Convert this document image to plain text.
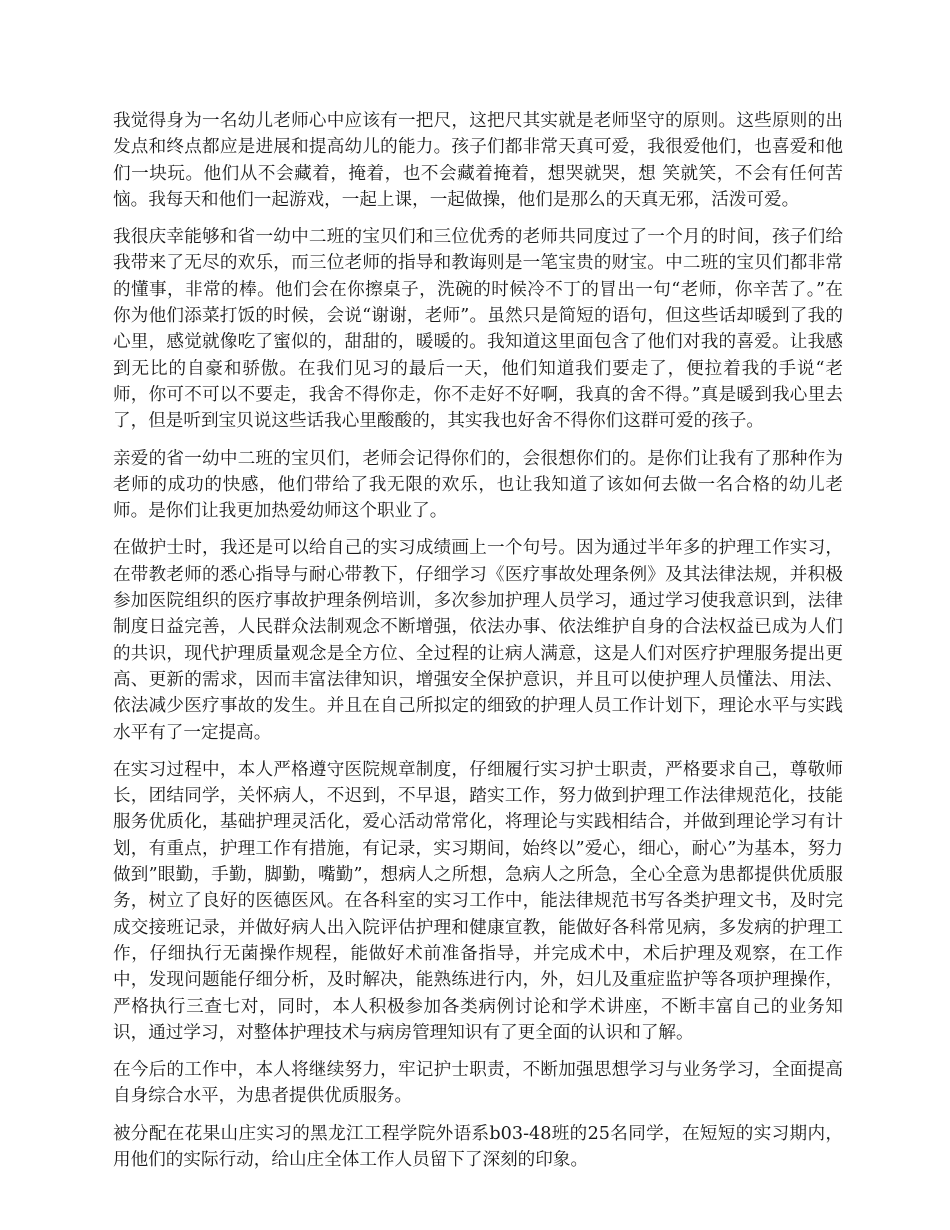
我觉得身为一名幼儿老师心中应该有一把尺，这把尺其实就是老师坚守的原则。这些原则的出发点和终点都应是进展和提高幼儿的能力。孩子们都非常天真可爱，我很爱他们，也喜爱和他们一块玩。他们从不会藏着，掩着，也不会藏着掩着，想哭就哭，想 笑就笑，不会有任何苦恼。我每天和他们一起游戏，一起上课，一起做操，他们是那么的天真无邪，活泼可爱。

我很庆幸能够和省一幼中二班的宝贝们和三位优秀的老师共同度过了一个月的时间，孩子们给我带来了无尽的欢乐，而三位老师的指导和教诲则是一笔宝贵的财宝。中二班的宝贝们都非常的懂事，非常的棒。他们会在你擦桌子，洗碗的时候冷不丁的冒出一句“老师，你辛苦了。”在你为他们添菜打饭的时候，会说“谢谢，老师”。虽然只是简短的语句，但这些话却暖到了我的心里，感觉就像吃了蜜似的，甜甜的，暖暖的。我知道这里面包含了他们对我的喜爱。让我感到无比的自豪和骄傲。在我们见习的最后一天，他们知道我们要走了，便拉着我的手说“老师，你可不可以不要走，我舍不得你走，你不走好不好啊，我真的舍不得。”真是暖到我心里去了，但是听到宝贝说这些话我心里酸酸的，其实我也好舍不得你们这群可爱的孩子。

亲爱的省一幼中二班的宝贝们，老师会记得你们的，会很想你们的。是你们让我有了那种作为老师的成功的快感，他们带给了我无限的欢乐，也让我知道了该如何去做一名合格的幼儿老师。是你们让我更加热爱幼师这个职业了。

在做护士时，我还是可以给自己的实习成绩画上一个句号。因为通过半年多的护理工作实习，在带教老师的悉心指导与耐心带教下，仔细学习《医疗事故处理条例》及其法律法规，并积极参加医院组织的医疗事故护理条例培训，多次参加护理人员学习，通过学习使我意识到，法律制度日益完善，人民群众法制观念不断增强，依法办事、依法维护自身的合法权益已成为人们的共识，现代护理质量观念是全方位、全过程的让病人满意，这是人们对医疗护理服务提出更高、更新的需求，因而丰富法律知识，增强安全保护意识，并且可以使护理人员懂法、用法、依法减少医疗事故的发生。并且在自己所拟定的细致的护理人员工作计划下，理论水平与实践水平有了一定提高。

在实习过程中，本人严格遵守医院规章制度，仔细履行实习护士职责，严格要求自己，尊敬师长，团结同学，关怀病人，不迟到，不早退，踏实工作，努力做到护理工作法律规范化，技能服务优质化，基础护理灵活化，爱心活动常常化，将理论与实践相结合，并做到理论学习有计划，有重点，护理工作有措施，有记录，实习期间，始终以”爱心，细心，耐心”为基本，努力做到”眼勤，手勤，脚勤，嘴勤”，想病人之所想，急病人之所急，全心全意为患都提供优质服务，树立了良好的医德医风。在各科室的实习工作中，能法律规范书写各类护理文书，及时完成交接班记录，并做好病人出入院评估护理和健康宣教，能做好各科常见病，多发病的护理工作，仔细执行无菌操作规程，能做好术前准备指导，并完成术中，术后护理及观察，在工作中，发现问题能仔细分析，及时解决，能熟练进行内，外，妇儿及重症监护等各项护理操作，严格执行三查七对，同时，本人积极参加各类病例讨论和学术讲座，不断丰富自己的业务知识，通过学习，对整体护理技术与病房管理知识有了更全面的认识和了解。

在今后的工作中，本人将继续努力，牢记护士职责，不断加强思想学习与业务学习，全面提高自身综合水平，为患者提供优质服务。

被分配在花果山庄实习的黑龙江工程学院外语系b03-48班的25名同学，在短短的实习期内，用他们的实际行动，给山庄全体工作人员留下了深刻的印象。
